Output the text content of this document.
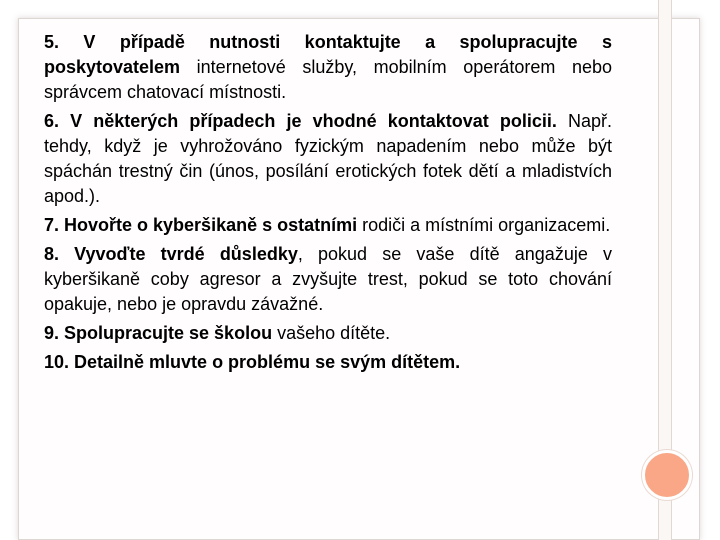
5. V případě nutnosti kontaktujte a spolupracujte s poskytovatelem internetové služby, mobilním operátorem nebo správcem chatovací místnosti.

6. V některých případech je vhodné kontaktovat policii. Např. tehdy, když je vyhrožováno fyzickým napadením nebo může být spáchán trestný čin (únos, posílání erotických fotek dětí a mladistvích apod.).

7. Hovořte o kyberšikaně s ostatními rodiči a místními organizacemi.

8. Vyvoďte tvrdé důsledky, pokud se vaše dítě angažuje v kyberšikaně coby agresor a zvyšujte trest, pokud se toto chování opakuje, nebo je opravdu závažné.

9. Spolupracujte se školou vašeho dítěte.

10. Detailně mluvte o problému se svým dítětem.
